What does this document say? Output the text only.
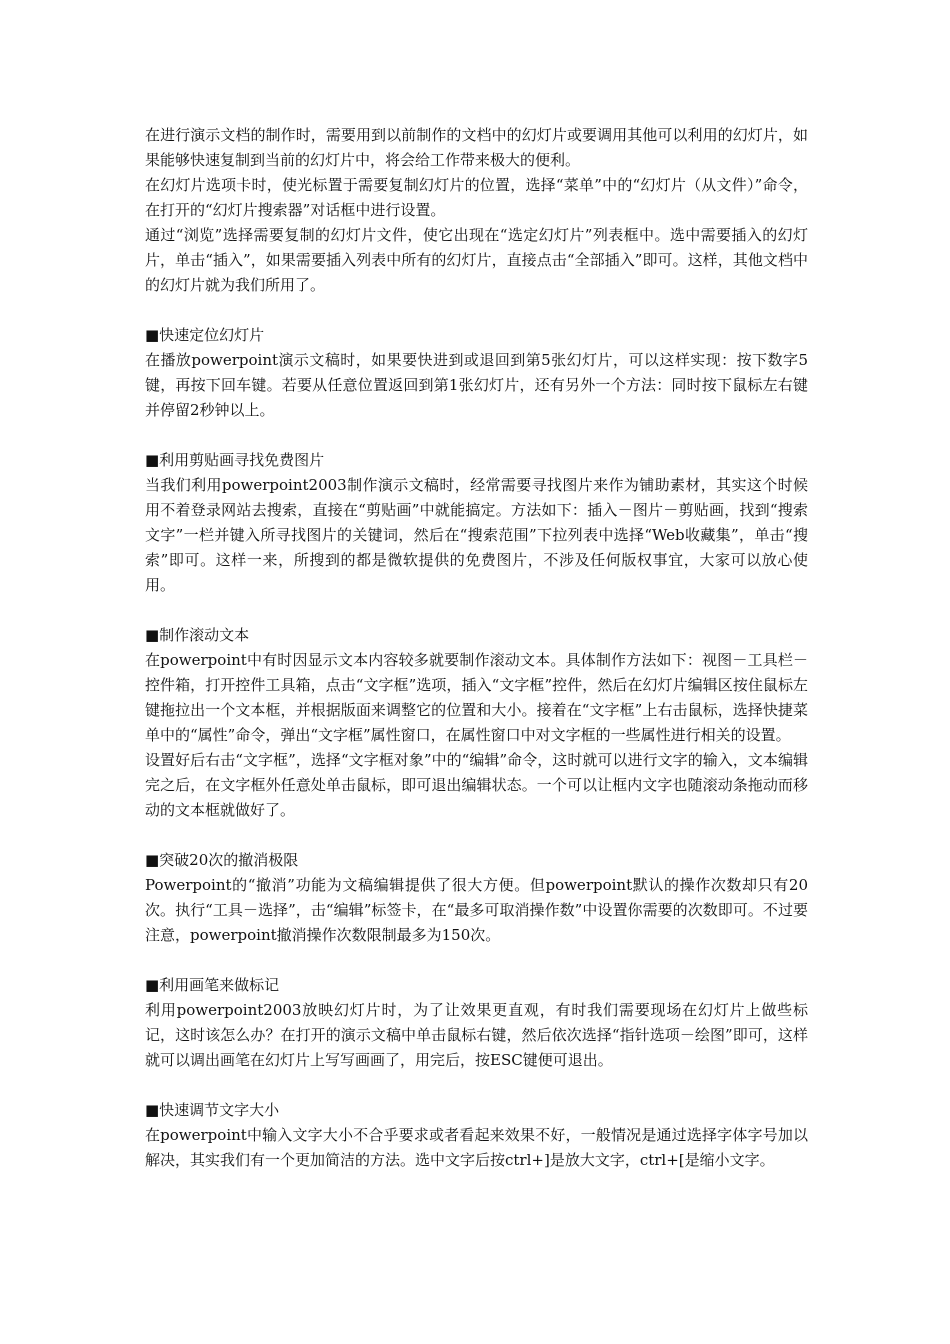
在进行演示文档的制作时，需要用到以前制作的文档中的幻灯片或要调用其他可以利用的幻灯片，如果能够快速复制到当前的幻灯片中，将会给工作带来极大的便利。

在幻灯片选项卡时，使光标置于需要复制幻灯片的位置，选择“菜单”中的“幻灯片（从文件）”命令，在打开的“幻灯片搜索器”对话框中进行设置。

通过“浏览”选择需要复制的幻灯片文件，使它出现在“选定幻灯片”列表框中。选中需要插入的幻灯片，单击“插入”，如果需要插入列表中所有的幻灯片，直接点击“全部插入”即可。这样，其他文档中的幻灯片就为我们所用了。

■快速定位幻灯片

在播放powerpoint演示文稿时，如果要快进到或退回到第5张幻灯片，可以这样实现：按下数字5键，再按下回车键。若要从任意位置返回到第1张幻灯片，还有另外一个方法：同时按下鼠标左右键并停留2秒钟以上。

■利用剪贴画寻找免费图片

当我们利用powerpoint2003制作演示文稿时，经常需要寻找图片来作为铺助素材，其实这个时候用不着登录网站去搜索，直接在“剪贴画”中就能搞定。方法如下：插入－图片－剪贴画，找到“搜索文字”一栏并键入所寻找图片的关键词，然后在“搜索范围”下拉列表中选择“Web收藏集”，单击“搜索”即可。这样一来，所搜到的都是微软提供的免费图片，不涉及任何版权事宜，大家可以放心使用。

■制作滚动文本

在powerpoint中有时因显示文本内容较多就要制作滚动文本。具体制作方法如下：视图－工具栏－控件箱，打开控件工具箱，点击“文字框”选项，插入“文字框”控件，然后在幻灯片编辑区按住鼠标左键拖拉出一个文本框，并根据版面来调整它的位置和大小。接着在“文字框”上右击鼠标，选择快捷菜单中的“属性”命令，弹出“文字框”属性窗口，在属性窗口中对文字框的一些属性进行相关的设置。

设置好后右击“文字框”，选择“文字框对象”中的“编辑”命令，这时就可以进行文字的输入，文本编辑完之后，在文字框外任意处单击鼠标，即可退出编辑状态。一个可以让框内文字也随滚动条拖动而移动的文本框就做好了。

■突破20次的撤消极限

Powerpoint的“撤消”功能为文稿编辑提供了很大方便。但powerpoint默认的操作次数却只有20次。执行“工具－选择”，击“编辑”标签卡，在“最多可取消操作数”中设置你需要的次数即可。不过要注意，powerpoint撤消操作次数限制最多为150次。

■利用画笔来做标记

利用powerpoint2003放映幻灯片时，为了让效果更直观，有时我们需要现场在幻灯片上做些标记，这时该怎么办？在打开的演示文稿中单击鼠标右键，然后依次选择“指针选项－绘图”即可，这样就可以调出画笔在幻灯片上写写画画了，用完后，按ESC键便可退出。

■快速调节文字大小

在powerpoint中输入文字大小不合乎要求或者看起来效果不好，一般情况是通过选择字体字号加以解决，其实我们有一个更加简洁的方法。选中文字后按ctrl+]是放大文字，ctrl+[是缩小文字。
